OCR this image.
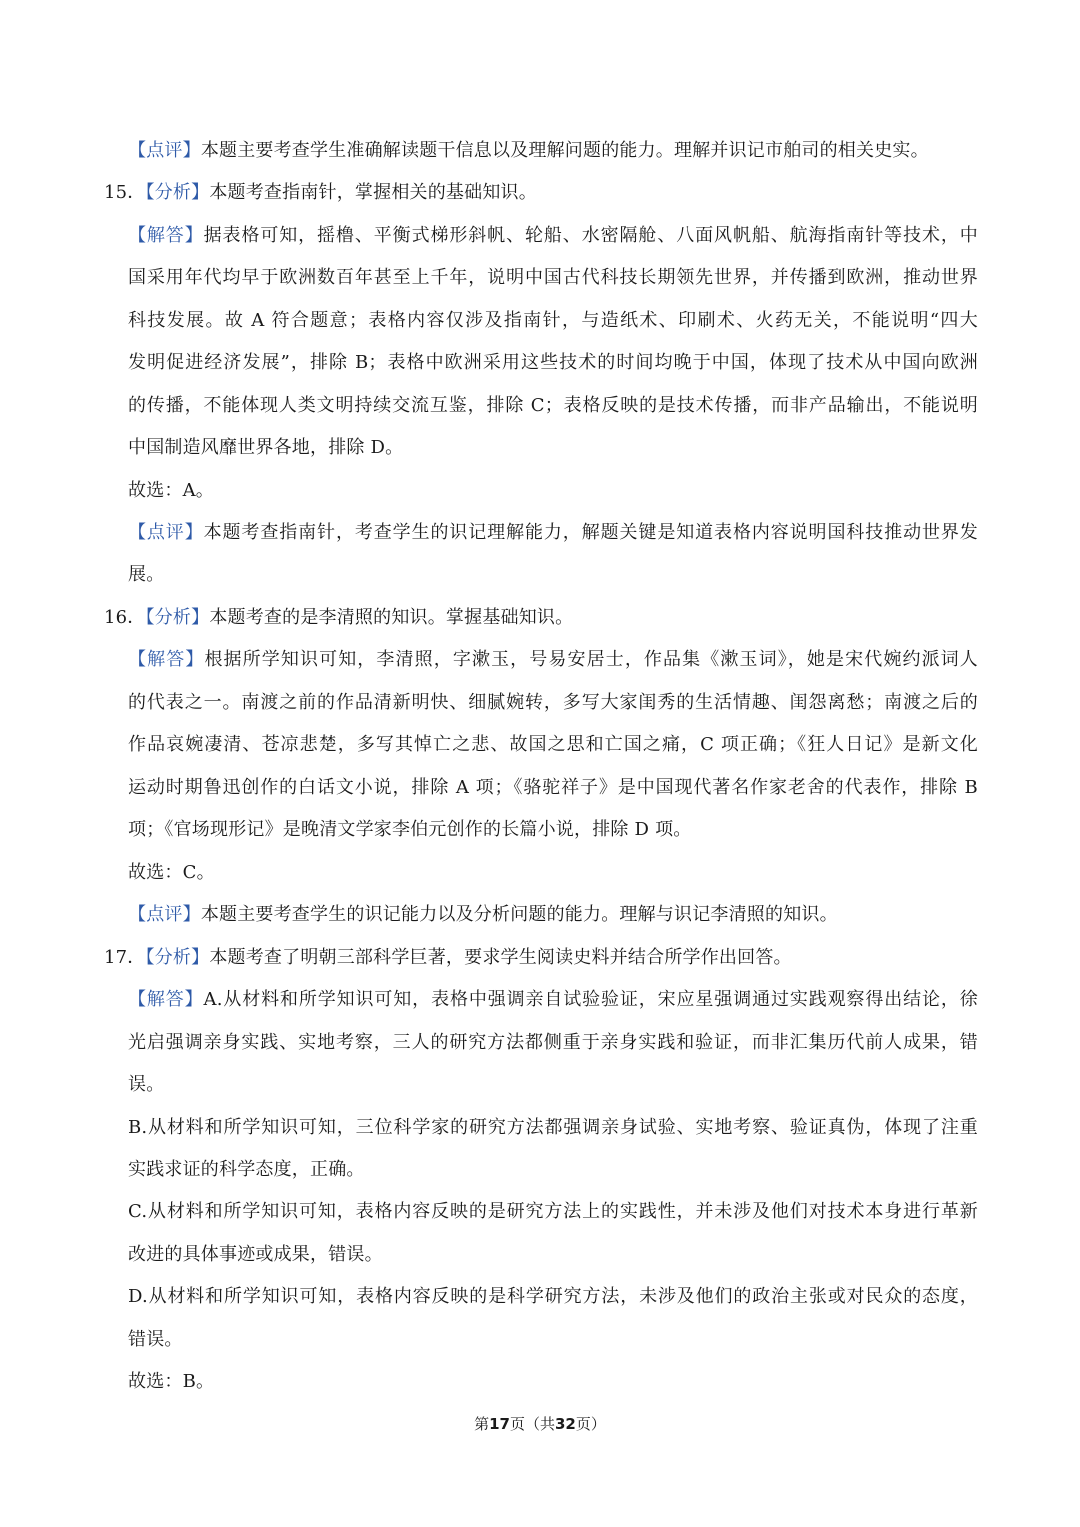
【点评】本题主要考查学生准确解读题干信息以及理解问题的能力。理解并识记市舶司的相关史实。
15．【分析】本题考查指南针，掌握相关的基础知识。
【解答】据表格可知，摇橹、平衡式梯形斜帆、轮船、水密隔舱、八面风帆船、航海指南针等技术，中
国采用年代均早于欧洲数百年甚至上千年，说明中国古代科技长期领先世界，并传播到欧洲，推动世界
科技发展。故 A 符合题意；表格内容仅涉及指南针，与造纸术、印刷术、火药无关，不能说明“四大
发明促进经济发展”，排除 B；表格中欧洲采用这些技术的时间均晚于中国，体现了技术从中国向欧洲
的传播，不能体现人类文明持续交流互鉴，排除 C；表格反映的是技术传播，而非产品输出，不能说明
中国制造风靡世界各地，排除 D。
故选：A。
【点评】本题考查指南针，考查学生的识记理解能力，解题关键是知道表格内容说明国科技推动世界发
展。
16．【分析】本题考查的是李清照的知识。掌握基础知识。
【解答】根据所学知识可知，李清照，字漱玉，号易安居士，作品集《漱玉词》，她是宋代婉约派词人
的代表之一。南渡之前的作品清新明快、细腻婉转，多写大家闺秀的生活情趣、闺怨离愁；南渡之后的
作品哀婉凄清、苍凉悲楚，多写其悼亡之悲、故国之思和亡国之痛，C 项正确；《狂人日记》是新文化
运动时期鲁迅创作的白话文小说，排除 A 项；《骆驼祥子》是中国现代著名作家老舍的代表作，排除 B
项；《官场现形记》是晚清文学家李伯元创作的长篇小说，排除 D 项。
故选：C。
【点评】本题主要考查学生的识记能力以及分析问题的能力。理解与识记李清照的知识。
17．【分析】本题考查了明朝三部科学巨著，要求学生阅读史料并结合所学作出回答。
【解答】A.从材料和所学知识可知，表格中强调亲自试验验证，宋应星强调通过实践观察得出结论，徐
光启强调亲身实践、实地考察，三人的研究方法都侧重于亲身实践和验证，而非汇集历代前人成果，错
误。
B.从材料和所学知识可知，三位科学家的研究方法都强调亲身试验、实地考察、验证真伪，体现了注重
实践求证的科学态度，正确。
C.从材料和所学知识可知，表格内容反映的是研究方法上的实践性，并未涉及他们对技术本身进行革新
改进的具体事迹或成果，错误。
D.从材料和所学知识可知，表格内容反映的是科学研究方法，未涉及他们的政治主张或对民众的态度，
错误。
故选：B。
第17页（共32页）
